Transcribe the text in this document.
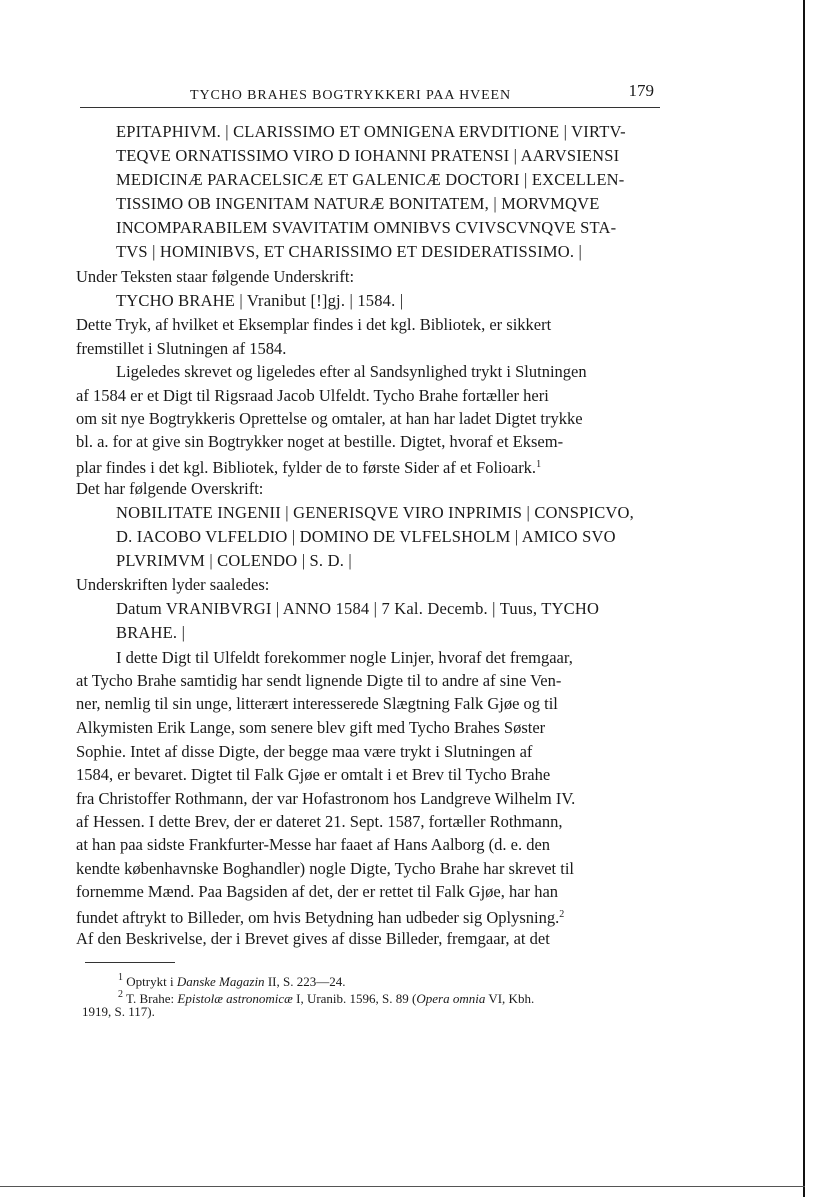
TYCHO BRAHES BOGTRYKKERI PAA HVEEN	179
EPITAPHIVM. | CLARISSIMO ET OMNIGENA ERVDITIONE | VIRTV-
TEQVE ORNATISSIMO VIRO D IOHANNI PRATENSI | AARVSIENSI
MEDICINÆ PARACELSICÆ ET GALENICÆ DOCTORI | EXCELLEN-
TISSIMO OB INGENITAM NATURÆ BONITATEM, | MORVMQVE
INCOMPARABILEM SVAVITATIM OMNIBVS CVIVSCVNQVE STA-
TVS | HOMINIBVS, ET CHARISSIMO ET DESIDERATISSIMO. |
Under Teksten staar følgende Underskrift:
TYCHO BRAHE | Vranibut [!]gj. | 1584. |
Dette Tryk, af hvilket et Eksemplar findes i det kgl. Bibliotek, er sikkert
fremstillet i Slutningen af 1584.
Ligeledes skrevet og ligeledes efter al Sandsynlighed trykt i Slutningen
af 1584 er et Digt til Rigsraad Jacob Ulfeldt. Tycho Brahe fortæller heri
om sit nye Bogtrykkeris Oprettelse og omtaler, at han har ladet Digtet trykke
bl. a. for at give sin Bogtrykker noget at bestille. Digtet, hvoraf et Eksem-
plar findes i det kgl. Bibliotek, fylder de to første Sider af et Folioark.$^1$
Det har følgende Overskrift:
NOBILITATE INGENII | GENERISQVE VIRO INPRIMIS | CONSPICVO,
D. IACOBO VLFELDIO | DOMINO DE VLFELSHOLM | AMICO SVO
PLVRIMVM | COLENDO | S. D. |
Underskriften lyder saaledes:
Datum VRANIBVRGI | ANNO 1584 | 7 Kal. Decemb. | Tuus, TYCHO
BRAHE. |
I dette Digt til Ulfeldt forekommer nogle Linjer, hvoraf det fremgaar,
at Tycho Brahe samtidig har sendt lignende Digte til to andre af sine Ven-
ner, nemlig til sin unge, litterært interesserede Slægtning Falk Gjøe og til
Alkymisten Erik Lange, som senere blev gift med Tycho Brahes Søster
Sophie. Intet af disse Digte, der begge maa være trykt i Slutningen af
1584, er bevaret. Digtet til Falk Gjøe er omtalt i et Brev til Tycho Brahe
fra Christoffer Rothmann, der var Hofastronom hos Landgreve Wilhelm IV.
af Hessen. I dette Brev, der er dateret 21. Sept. 1587, fortæller Rothmann,
at han paa sidste Frankfurter-Messe har faaet af Hans Aalborg (d. e. den
kendte københavnske Boghandler) nogle Digte, Tycho Brahe har skrevet til
fornemme Mænd. Paa Bagsiden af det, der er rettet til Falk Gjøe, har han
fundet aftrykt to Billeder, om hvis Betydning han udbeder sig Oplysning.$^2$
Af den Beskrivelse, der i Brevet gives af disse Billeder, fremgaar, at det
$^1$ Optrykt i Danske Magazin II, S. 223—24.
$^2$ T. Brahe: Epistolæ astronomicæ I, Uranib. 1596, S. 89 (Opera omnia VI, Kbh.
1919, S. 117).
